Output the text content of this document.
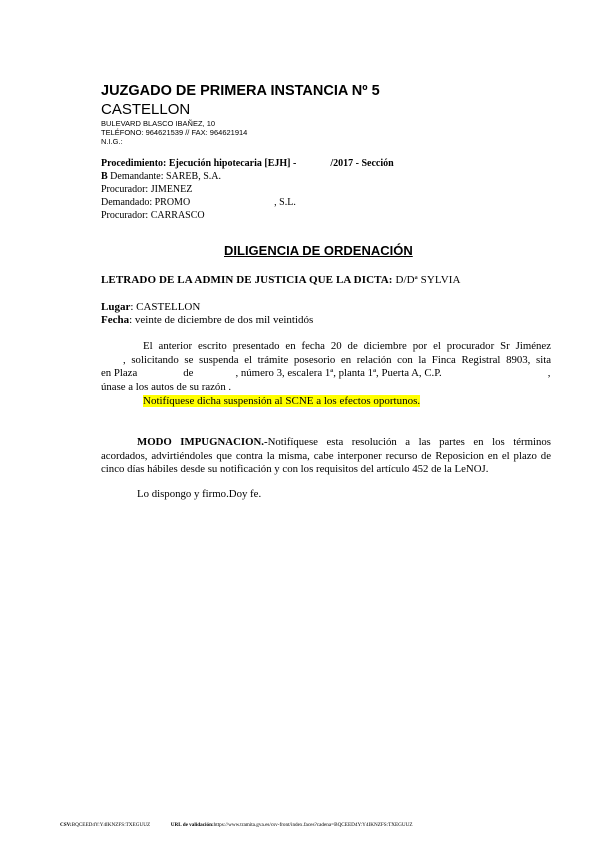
JUZGADO DE PRIMERA INSTANCIA Nº 5
CASTELLON
BULEVARD BLASCO IBAÑEZ, 10
TELÉFONO: 964621539 // FAX: 964621914
N.I.G.:
Procedimiento: Ejecución hipotecaria [EJH] -	/2017 - Sección
B Demandante: SAREB, S.A.
Procurador: JIMENEZ
Demandado: PROMO	, S.L.
Procurador: CARRASCO
DILIGENCIA DE ORDENACIÓN
LETRADO DE LA ADMIN DE JUSTICIA QUE LA DICTA: D/Dª SYLVIA
Lugar: CASTELLON
Fecha: veinte de diciembre de dos mil veintidós
El anterior escrito presentado en fecha 20 de diciembre por el procurador Sr Jiménez
, solicitando se suspenda el trámite posesorio en relación con la Finca Registral 8903, sita
en Plaza	de	, número 3, escalera 1ª, planta 1ª, Puerta A, C.P.	,
únase a los autos de su razón .
Notifíquese dicha suspensión al SCNE a los efectos oportunos.
MODO IMPUGNACION.-Notifíquese esta resolución a las partes en los términos
acordados, advirtiéndoles que contra la misma, cabe interponer recurso de Reposicion en el plazo de
cinco días hábiles desde su notificación y con los requisitos del artículo 452 de la LeNOJ.
Lo dispongo y firmo.Doy fe.
CSV:BQCEED4Y:Y4IKNZFS:TXEGUUZ	URL de validación:https://www.tramita.gva.es/csv-front/index.faces?cadena=BQCEED4Y:Y4IKNZFS:TXEGUUZ
